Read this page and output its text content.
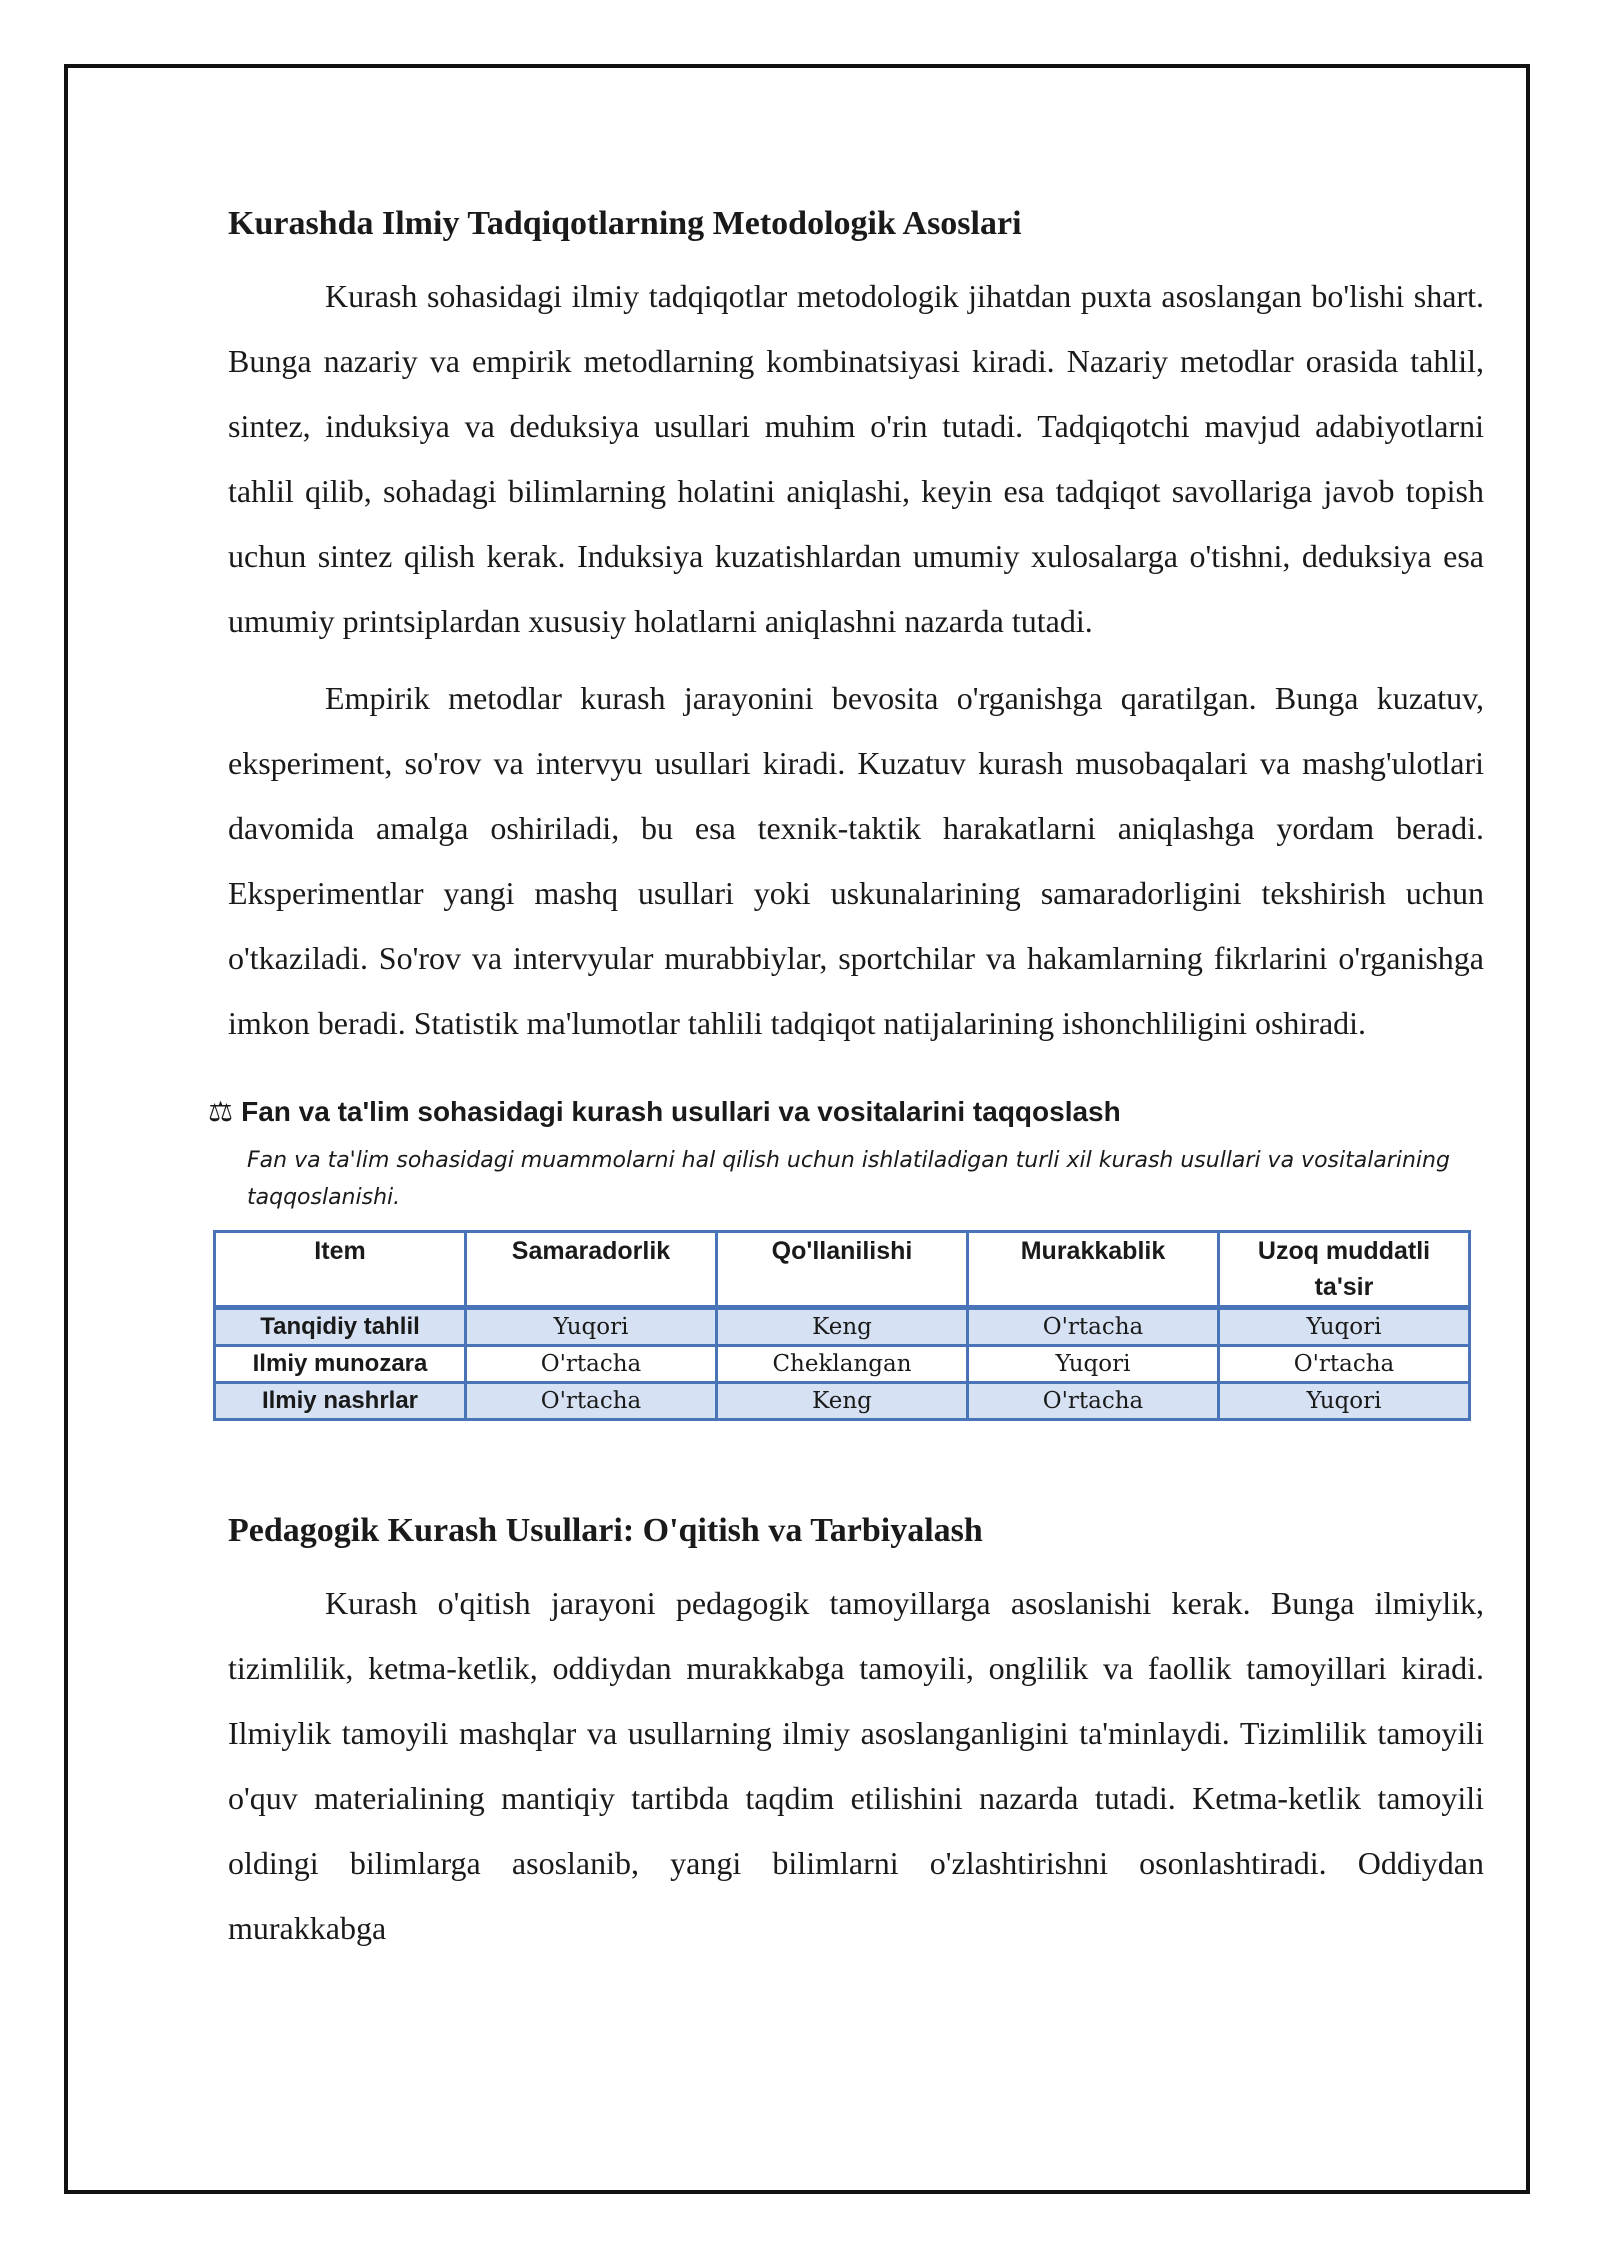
Kurashda Ilmiy Tadqiqotlarning Metodologik Asoslari

Kurash sohasidagi ilmiy tadqiqotlar metodologik jihatdan puxta asoslangan bo'lishi shart. Bunga nazariy va empirik metodlarning kombinatsiyasi kiradi. Nazariy metodlar orasida tahlil, sintez, induksiya va deduksiya usullari muhim o'rin tutadi. Tadqiqotchi mavjud adabiyotlarni tahlil qilib, sohadagi bilimlarning holatini aniqlashi, keyin esa tadqiqot savollariga javob topish uchun sintez qilish kerak. Induksiya kuzatishlardan umumiy xulosalarga o'tishni, deduksiya esa umumiy printsiplardan xususiy holatlarni aniqlashni nazarda tutadi.

Empirik metodlar kurash jarayonini bevosita o'rganishga qaratilgan. Bunga kuzatuv, eksperiment, so'rov va intervyu usullari kiradi. Kuzatuv kurash musobaqalari va mashg'ulotlari davomida amalga oshiriladi, bu esa texnik-taktik harakatlarni aniqlashga yordam beradi. Eksperimentlar yangi mashq usullari yoki uskunalarining samaradorligini tekshirish uchun o'tkaziladi. So'rov va intervyular murabbiylar, sportchilar va hakamlarning fikrlarini o'rganishga imkon beradi. Statistik ma'lumotlar tahlili tadqiqot natijalarining ishonchliligini oshiradi.

⚖ Fan va ta'lim sohasidagi kurash usullari va vositalarini taqqoslash
Fan va ta'lim sohasidagi muammolarni hal qilish uchun ishlatiladigan turli xil kurash usullari va vositalarining taqqoslanishi.
Item	Samaradorlik	Qo'llanilishi	Murakkablik	Uzoq muddatli ta'sir
Tanqidiy tahlil	Yuqori	Keng	O'rtacha	Yuqori
Ilmiy munozara	O'rtacha	Cheklangan	Yuqori	O'rtacha
Ilmiy nashrlar	O'rtacha	Keng	O'rtacha	Yuqori
Pedagogik Kurash Usullari: O'qitish va Tarbiyalash

Kurash o'qitish jarayoni pedagogik tamoyillarga asoslanishi kerak. Bunga ilmiylik, tizimlilik, ketma-ketlik, oddiydan murakkabga tamoyili, onglilik va faollik tamoyillari kiradi. Ilmiylik tamoyili mashqlar va usullarning ilmiy asoslanganligini ta'minlaydi. Tizimlilik tamoyili o'quv materialining mantiqiy tartibda taqdim etilishini nazarda tutadi. Ketma-ketlik tamoyili oldingi bilimlarga asoslanib, yangi bilimlarni o'zlashtirishni osonlashtiradi. Oddiydan murakkabga
